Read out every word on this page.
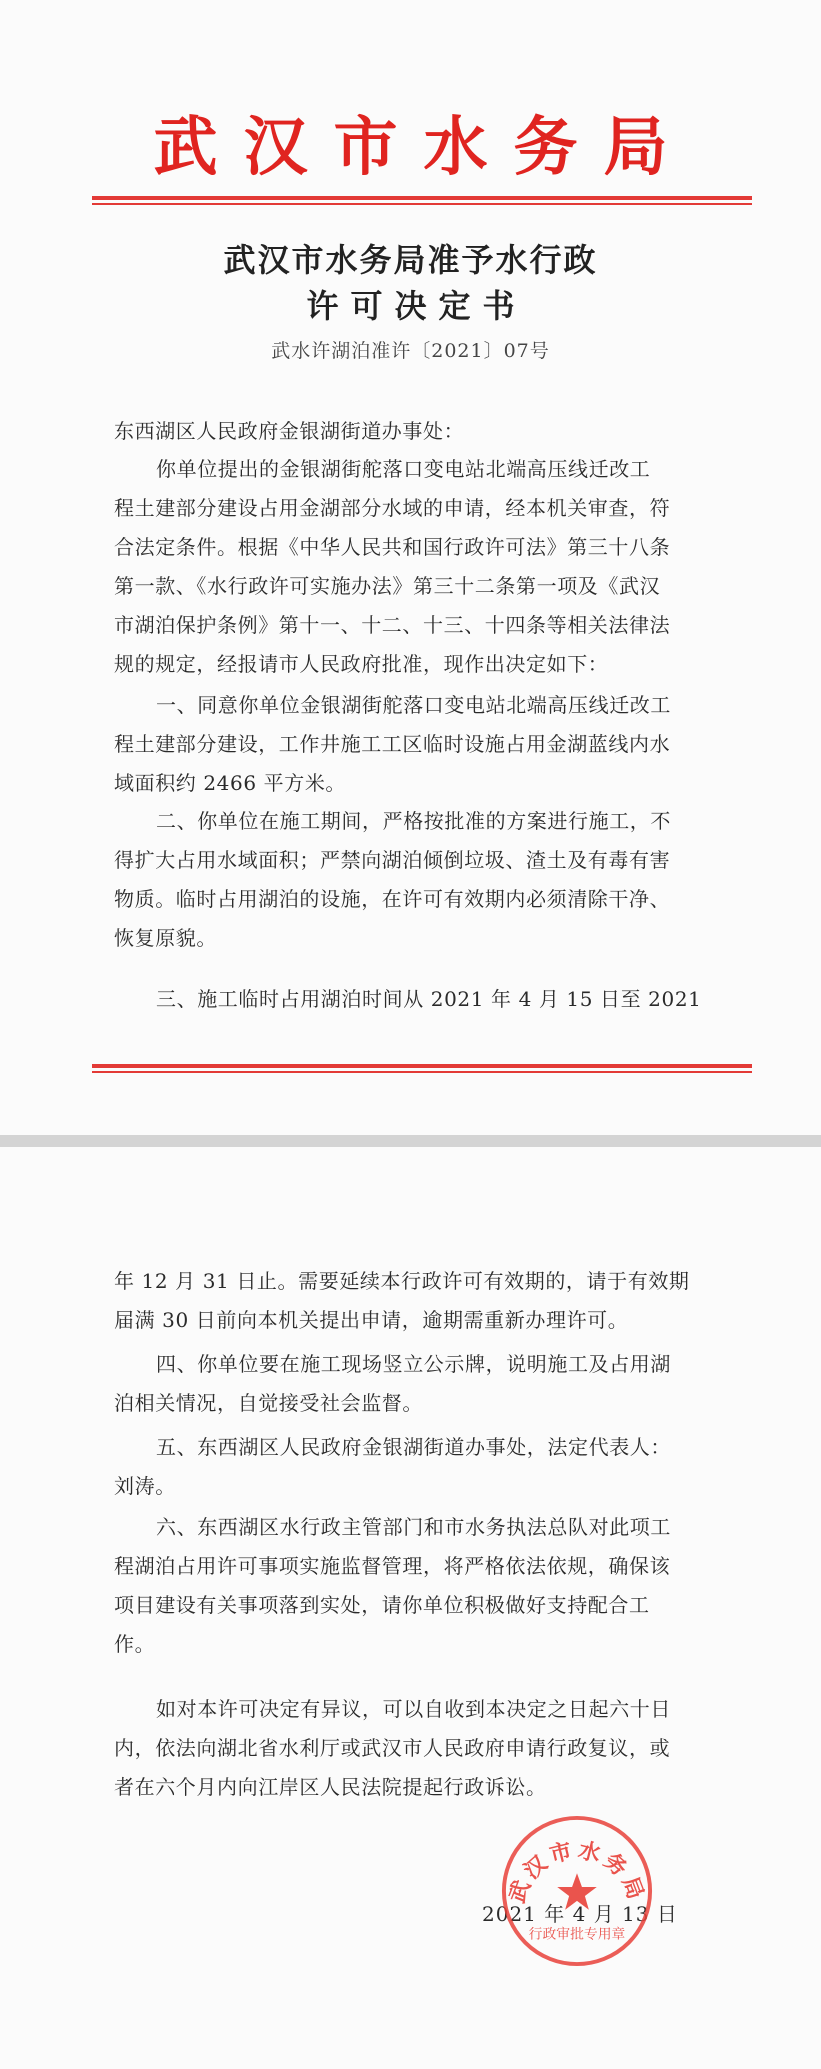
武汉市水务局
武汉市水务局准予水行政
许可决定书
武水许湖泊准许〔2021〕07号
东西湖区人民政府金银湖街道办事处：
你单位提出的金银湖街舵落口变电站北端高压线迁改工
程土建部分建设占用金湖部分水域的申请，经本机关审查，符
合法定条件。根据《中华人民共和国行政许可法》第三十八条
第一款、《水行政许可实施办法》第三十二条第一项及《武汉
市湖泊保护条例》第十一、十二、十三、十四条等相关法律法
规的规定，经报请市人民政府批准，现作出决定如下：
一、同意你单位金银湖街舵落口变电站北端高压线迁改工
程土建部分建设，工作井施工工区临时设施占用金湖蓝线内水
域面积约 2466 平方米。
二、你单位在施工期间，严格按批准的方案进行施工，不
得扩大占用水域面积；严禁向湖泊倾倒垃圾、渣土及有毒有害
物质。临时占用湖泊的设施，在许可有效期内必须清除干净、
恢复原貌。
三、施工临时占用湖泊时间从 2021 年 4 月 15 日至 2021
年 12 月 31 日止。需要延续本行政许可有效期的，请于有效期
届满 30 日前向本机关提出申请，逾期需重新办理许可。
四、你单位要在施工现场竖立公示牌，说明施工及占用湖
泊相关情况，自觉接受社会监督。
五、东西湖区人民政府金银湖街道办事处，法定代表人：
刘涛。
六、东西湖区水行政主管部门和市水务执法总队对此项工
程湖泊占用许可事项实施监督管理，将严格依法依规，确保该
项目建设有关事项落到实处，请你单位积极做好支持配合工
作。
如对本许可决定有异议，可以自收到本决定之日起六十日
内，依法向湖北省水利厅或武汉市人民政府申请行政复议，或
者在六个月内向江岸区人民法院提起行政诉讼。
2021 年 4 月 13 日
武汉市水务局
行政审批专用章
